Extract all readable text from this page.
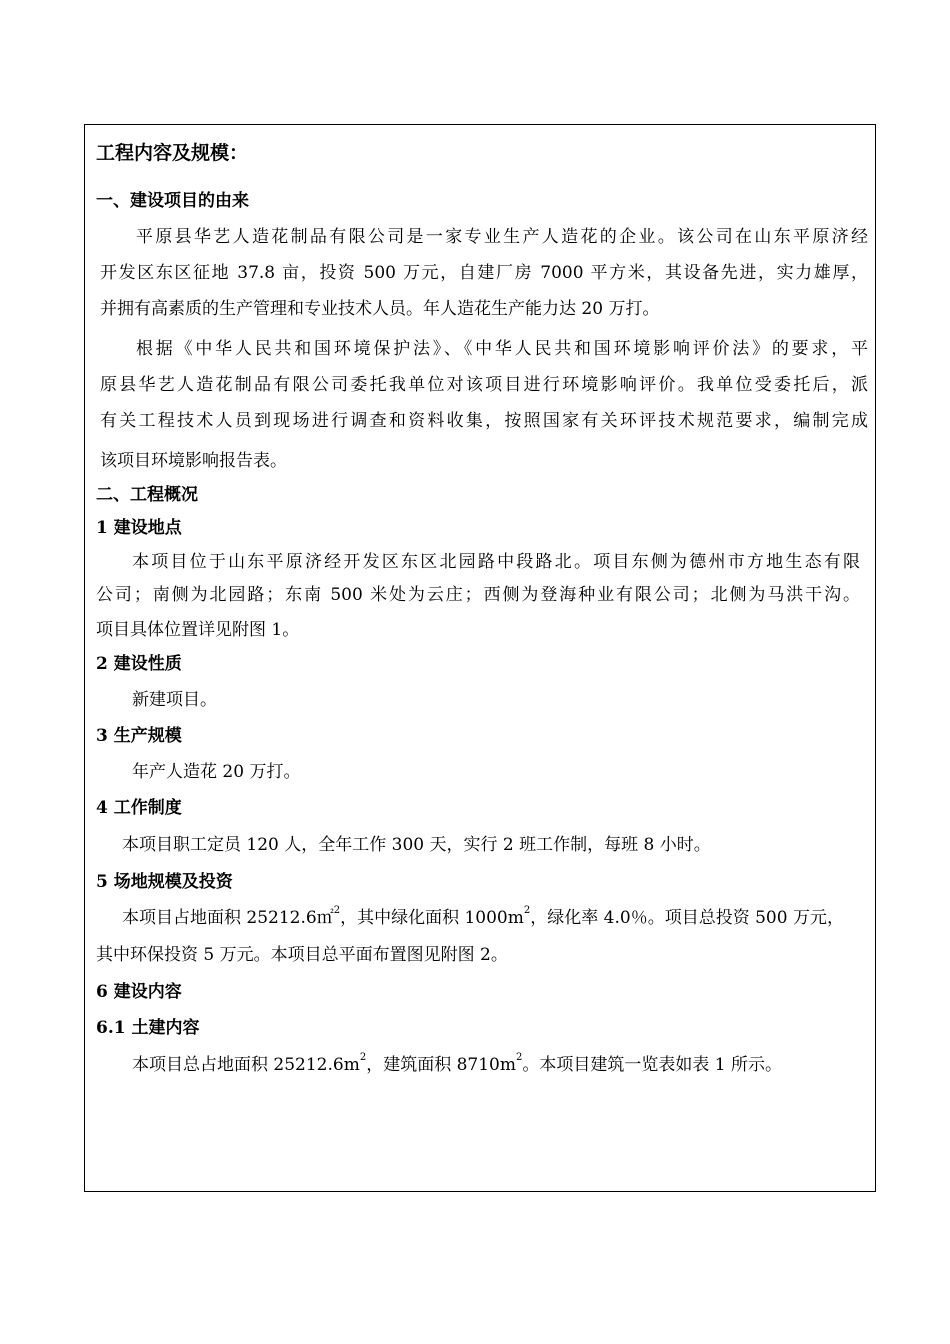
工程内容及规模：
一、建设项目的由来
平原县华艺人造花制品有限公司是一家专业生产人造花的企业。该公司在山东平原济经
开发区东区征地 37.8 亩，投资 500 万元，自建厂房 7000 平方米，其设备先进，实力雄厚，
并拥有高素质的生产管理和专业技术人员。年人造花生产能力达 20 万打。
根据《中华人民共和国环境保护法》、《中华人民共和国环境影响评价法》的要求，平
原县华艺人造花制品有限公司委托我单位对该项目进行环境影响评价。我单位受委托后，派
有关工程技术人员到现场进行调查和资料收集，按照国家有关环评技术规范要求，编制完成
该项目环境影响报告表。
二、工程概况
1 建设地点
本项目位于山东平原济经开发区东区北园路中段路北。项目东侧为德州市方地生态有限
公司；南侧为北园路；东南 500 米处为云庄；西侧为登海种业有限公司；北侧为马洪干沟。
项目具体位置详见附图 1。
2 建设性质
新建项目。
3 生产规模
年产人造花 20 万打。
4 工作制度
本项目职工定员 120 人，全年工作 300 天，实行 2 班工作制，每班 8 小时。
5 场地规模及投资
本项目占地面积 25212.6㎡$^2$，其中绿化面积 $1000m^2$，绿化率 4.0％。项目总投资 500 万元，
其中环保投资 5 万元。本项目总平面布置图见附图 2。
6 建设内容
6.1 土建内容
本项目总占地面积 $25212.6m^2$，建筑面积 $8710m^2$。本项目建筑一览表如表 1 所示。
